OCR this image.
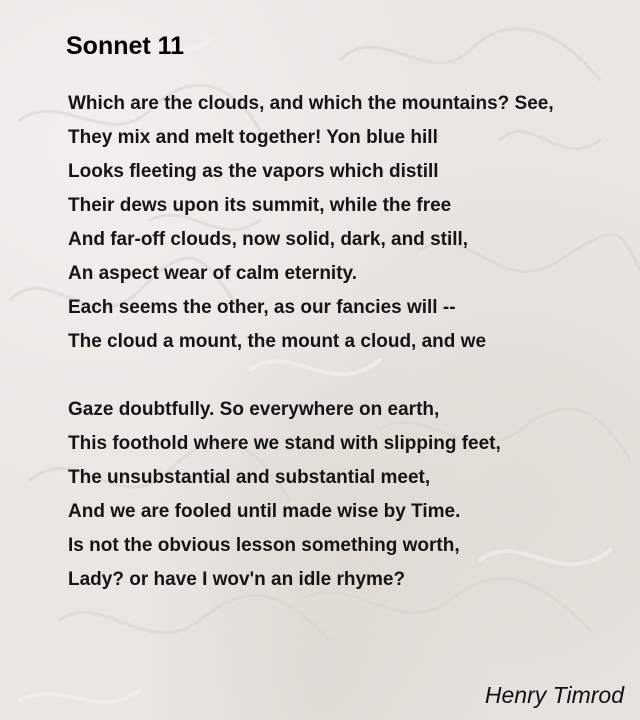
Sonnet 11
Which are the clouds, and which the mountains? See,
They mix and melt together! Yon blue hill
Looks fleeting as the vapors which distill
Their dews upon its summit, while the free
And far-off clouds, now solid, dark, and still,
An aspect wear of calm eternity.
Each seems the other, as our fancies will --
The cloud a mount, the mount a cloud, and we
Gaze doubtfully. So everywhere on earth,
This foothold where we stand with slipping feet,
The unsubstantial and substantial meet,
And we are fooled until made wise by Time.
Is not the obvious lesson something worth,
Lady? or have I wov'n an idle rhyme?

Henry Timrod
